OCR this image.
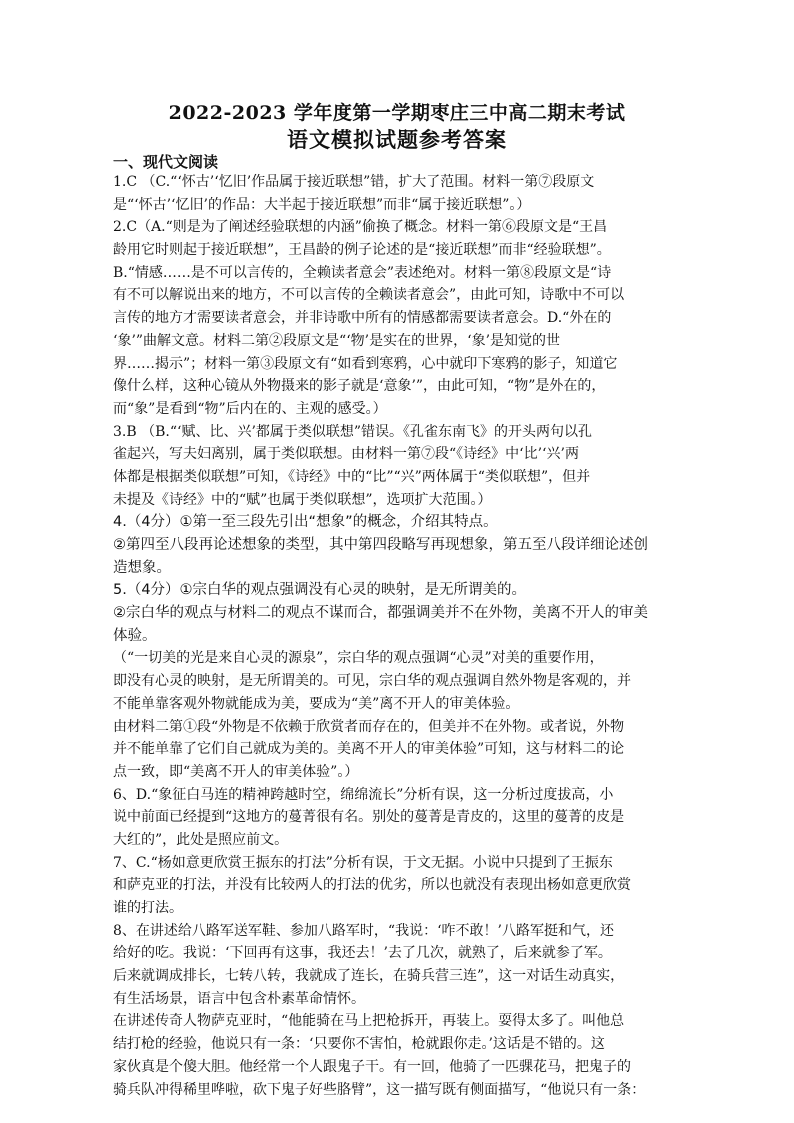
2022-2023 学年度第一学期枣庄三中高二期末考试
语文模拟试题参考答案
一、现代文阅读
1.C （C.“‘怀古’‘忆旧’作品属于接近联想”错，扩大了范围。材料一第⑦段原文
是“‘怀古’‘忆旧’的作品：大半起于接近联想”而非“属于接近联想”。）
2.C（A.“则是为了阐述经验联想的内涵”偷换了概念。材料一第⑥段原文是“王昌
龄用它时则起于接近联想”，王昌龄的例子论述的是“接近联想”而非“经验联想”。
B.“情感……是不可以言传的，全赖读者意会”表述绝对。材料一第⑧段原文是“诗
有不可以解说出来的地方，不可以言传的全赖读者意会”，由此可知，诗歌中不可以
言传的地方才需要读者意会，并非诗歌中所有的情感都需要读者意会。D.“外在的
‘象’”曲解文意。材料二第②段原文是“‘物’是实在的世界，‘象’是知觉的世
界……揭示”；材料一第③段原文有“如看到寒鸦，心中就印下寒鸦的影子，知道它
像什么样，这种心镜从外物摄来的影子就是‘意象’”，由此可知，“物”是外在的，
而“象”是看到“物”后内在的、主观的感受。）
3.B （B.“‘赋、比、兴’都属于类似联想”错误。《孔雀东南飞》的开头两句以孔
雀起兴，写夫妇离别，属于类似联想。由材料一第⑦段“《诗经》中‘比’‘兴’两
体都是根据类似联想”可知，《诗经》中的“比”“兴”两体属于“类似联想”，但并
未提及《诗经》中的“赋”也属于类似联想”，选项扩大范围。）
4.（4分）①第一至三段先引出“想象”的概念，介绍其特点。
②第四至八段再论述想象的类型，其中第四段略写再现想象，第五至八段详细论述创
造想象。
5.（4分）①宗白华的观点强调没有心灵的映射，是无所谓美的。
②宗白华的观点与材料二的观点不谋而合，都强调美并不在外物，美离不开人的审美
体验。
（“一切美的光是来自心灵的源泉”，宗白华的观点强调“心灵”对美的重要作用，
即没有心灵的映射，是无所谓美的。可见，宗白华的观点强调自然外物是客观的，并
不能单靠客观外物就能成为美，要成为“美”离不开人的审美体验。
由材料二第①段“外物是不依赖于欣赏者而存在的，但美并不在外物。或者说，外物
并不能单靠了它们自己就成为美的。美离不开人的审美体验”可知，这与材料二的论
点一致，即“美离不开人的审美体验”。）
6、D.“象征白马连的精神跨越时空，绵绵流长”分析有误，这一分析过度拔高，小
说中前面已经提到“这地方的蔓菁很有名。别处的蔓菁是青皮的，这里的蔓菁的皮是
大红的”，此处是照应前文。
7、C.“杨如意更欣赏王振东的打法”分析有误，于文无据。小说中只提到了王振东
和萨克亚的打法，并没有比较两人的打法的优劣，所以也就没有表现出杨如意更欣赏
谁的打法。
8、在讲述给八路军送军鞋、参加八路军时，“我说：‘咋不敢！’八路军挺和气，还
给好的吃。我说：‘下回再有这事，我还去！’去了几次，就熟了，后来就参了军。
后来就调成排长，七转八转，我就成了连长，在骑兵营三连”，这一对话生动真实，
有生活场景，语言中包含朴素革命情怀。
在讲述传奇人物萨克亚时，“他能骑在马上把枪拆开，再装上。耍得太多了。叫他总
结打枪的经验，他说只有一条：‘只要你不害怕，枪就跟你走。’这话是不错的。这
家伙真是个傻大胆。他经常一个人跟鬼子干。有一回，他骑了一匹骒花马，把鬼子的
骑兵队冲得稀里哗啦，砍下鬼子好些胳臂”，这一描写既有侧面描写，“他说只有一条：
